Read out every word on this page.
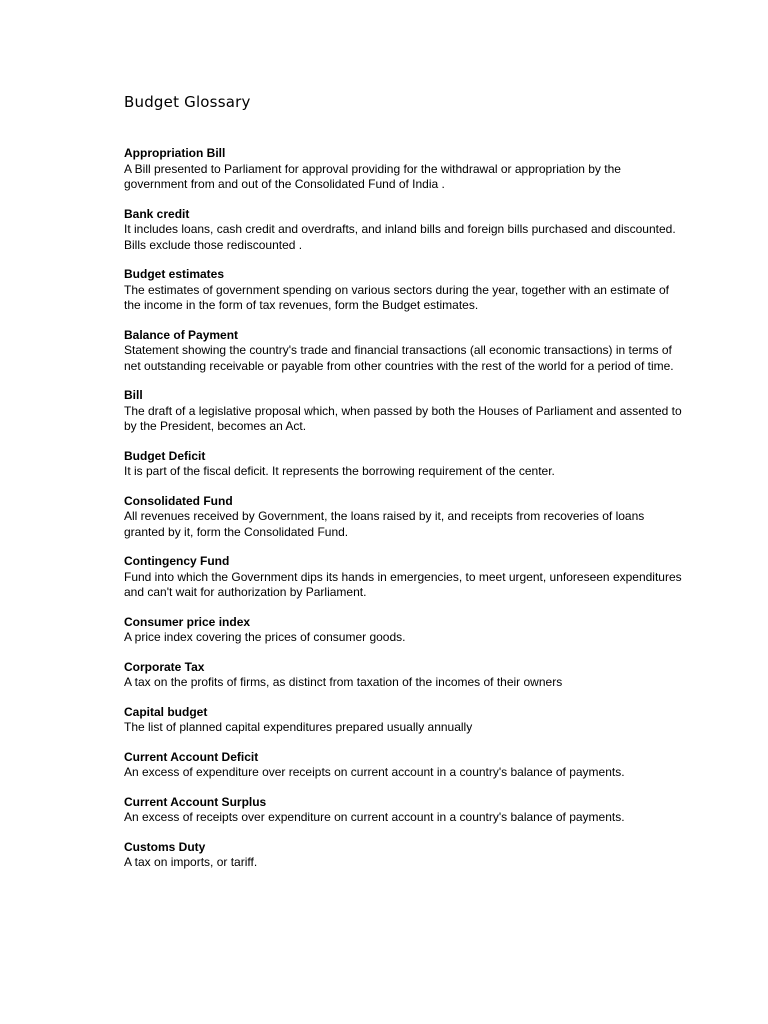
Budget Glossary
Appropriation Bill
A Bill presented to Parliament for approval providing for the withdrawal or appropriation by the government from and out of the Consolidated Fund of India .
Bank credit
It includes loans, cash credit and overdrafts, and inland bills and foreign bills purchased and discounted. Bills exclude those rediscounted .
Budget estimates
The estimates of government spending on various sectors during the year, together with an estimate of the income in the form of tax revenues, form the Budget estimates.
Balance of Payment
Statement showing the country's trade and financial transactions (all economic transactions) in terms of net outstanding receivable or payable from other countries with the rest of the world for a period of time.
Bill
The draft of a legislative proposal which, when passed by both the Houses of Parliament and assented to by the President, becomes an Act.
Budget Deficit
It is part of the fiscal deficit. It represents the borrowing requirement of the center.
Consolidated Fund
All revenues received by Government, the loans raised by it, and receipts from recoveries of loans granted by it, form the Consolidated Fund.
Contingency Fund
Fund into which the Government dips its hands in emergencies, to meet urgent, unforeseen expenditures and can't wait for authorization by Parliament.
Consumer price index
A price index covering the prices of consumer goods.
Corporate Tax
A tax on the profits of firms, as distinct from taxation of the incomes of their owners
Capital budget
The list of planned capital expenditures prepared usually annually
Current Account Deficit
An excess of expenditure over receipts on current account in a country's balance of payments.
Current Account Surplus
An excess of receipts over expenditure on current account in a country's balance of payments.
Customs Duty
A tax on imports, or tariff.
